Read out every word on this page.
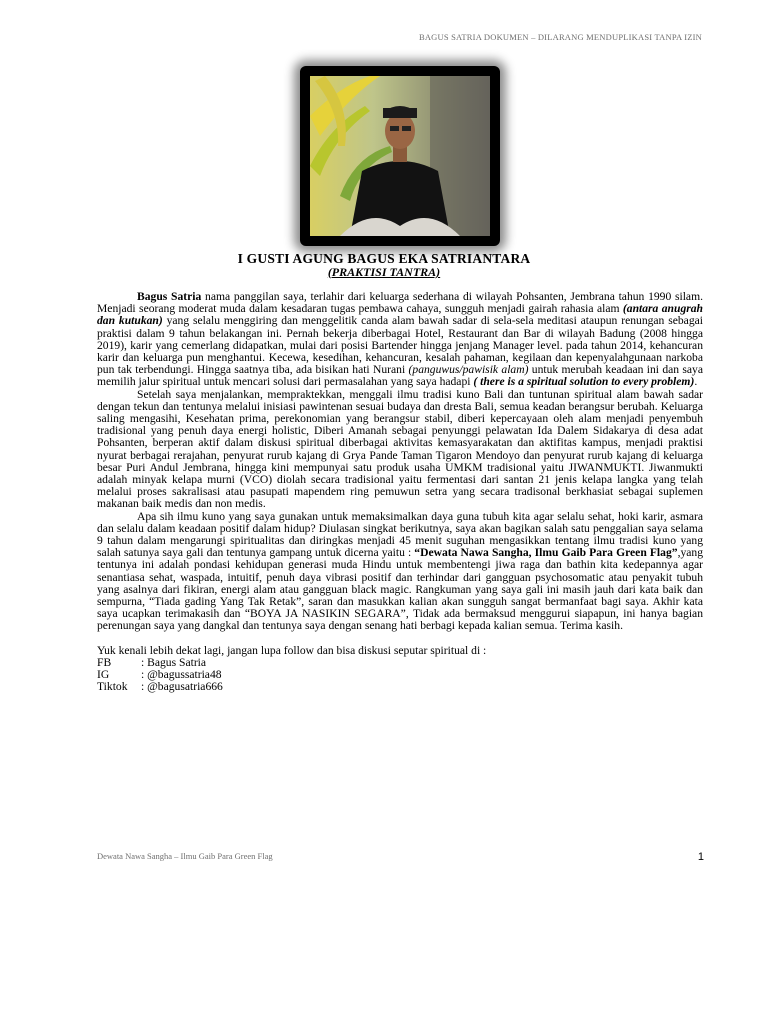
BAGUS SATRIA DOKUMEN – DILARANG MENDUPLIKASI TANPA IZIN
I GUSTI AGUNG BAGUS EKA SATRIANTARA
(PRAKTISI TANTRA)

Bagus Satria nama panggilan saya, terlahir dari keluarga sederhana di wilayah Pohsanten, Jembrana tahun 1990 silam. Menjadi seorang moderat muda dalam kesadaran tugas pembawa cahaya, sungguh menjadi gairah rahasia alam (antara anugrah dan kutukan) yang selalu menggiring dan menggelitik canda alam bawah sadar di sela-sela meditasi ataupun renungan sebagai praktisi dalam 9 tahun belakangan ini. Pernah bekerja diberbagai Hotel, Restaurant dan Bar di wilayah Badung (2008 hingga 2019), karir yang cemerlang didapatkan, mulai dari posisi Bartender hingga jenjang Manager level. pada tahun 2014, kehancuran karir dan keluarga pun menghantui. Kecewa, kesedihan, kehancuran, kesalah pahaman, kegilaan dan kepenyalahgunaan narkoba pun tak terbendungi. Hingga saatnya tiba, ada bisikan hati Nurani (panguwus/pawisik alam) untuk merubah keadaan ini dan saya memilih jalur spiritual untuk mencari solusi dari permasalahan yang saya hadapi ( there is a spiritual solution to every problem).

Setelah saya menjalankan, mempraktekkan, menggali ilmu tradisi kuno Bali dan tuntunan spiritual alam bawah sadar dengan tekun dan tentunya melalui inisiasi pawintenan sesuai budaya dan dresta Bali, semua keadan berangsur berubah. Keluarga saling mengasihi, Kesehatan prima, perekonomian yang berangsur stabil, diberi kepercayaan oleh alam menjadi penyembuh tradisional yang penuh daya energi holistic, Diberi Amanah sebagai penyunggi pelawatan Ida Dalem Sidakarya di desa adat Pohsanten, berperan aktif dalam diskusi spiritual diberbagai aktivitas kemasyarakatan dan aktifitas kampus, menjadi praktisi nyurat berbagai rerajahan, penyurat rurub kajang di Grya Pande Taman Tigaron Mendoyo dan penyurat rurub kajang di keluarga besar Puri Andul Jembrana, hingga kini mempunyai satu produk usaha UMKM tradisional yaitu JIWANMUKTI. Jiwanmukti adalah minyak kelapa murni (VCO) diolah secara tradisional yaitu fermentasi dari santan 21 jenis kelapa langka yang telah melalui proses sakralisasi atau pasupati mapendem ring pemuwun setra yang secara tradisonal berkhasiat sebagai suplemen makanan baik medis dan non medis.

Apa sih ilmu kuno yang saya gunakan untuk memaksimalkan daya guna tubuh kita agar selalu sehat, hoki karir, asmara dan selalu dalam keadaan positif dalam hidup? Diulasan singkat berikutnya, saya akan bagikan salah satu penggalian saya selama 9 tahun dalam mengarungi spiritualitas dan diringkas menjadi 45 menit suguhan mengasikkan tentang ilmu tradisi kuno yang salah satunya saya gali dan tentunya gampang untuk dicerna yaitu : “Dewata Nawa Sangha, Ilmu Gaib Para Green Flag”,yang tentunya ini adalah pondasi kehidupan generasi muda Hindu untuk membentengi jiwa raga dan bathin kita kedepannya agar senantiasa sehat, waspada, intuitif, penuh daya vibrasi positif dan terhindar dari gangguan psychosomatic atau penyakit tubuh yang asalnya dari fikiran, energi alam atau gangguan black magic. Rangkuman yang saya gali ini masih jauh dari kata baik dan sempurna, “Tiada gading Yang Tak Retak”, saran dan masukkan kalian akan sungguh sangat bermanfaat bagi saya. Akhir kata saya ucapkan terimakasih dan “BOYA JA NASIKIN SEGARA”, Tidak ada bermaksud menggurui siapapun, ini hanya bagian perenungan saya yang dangkal dan tentunya saya dengan senang hati berbagi kepada kalian semua. Terima kasih.

Yuk kenali lebih dekat lagi, jangan lupa follow dan bisa diskusi seputar spiritual di :

FB	: Bagus Satria
IG	: @bagussatria48
Tiktok	: @bagusatria666
Dewata Nawa Sangha – Ilmu Gaib Para Green Flag	1
